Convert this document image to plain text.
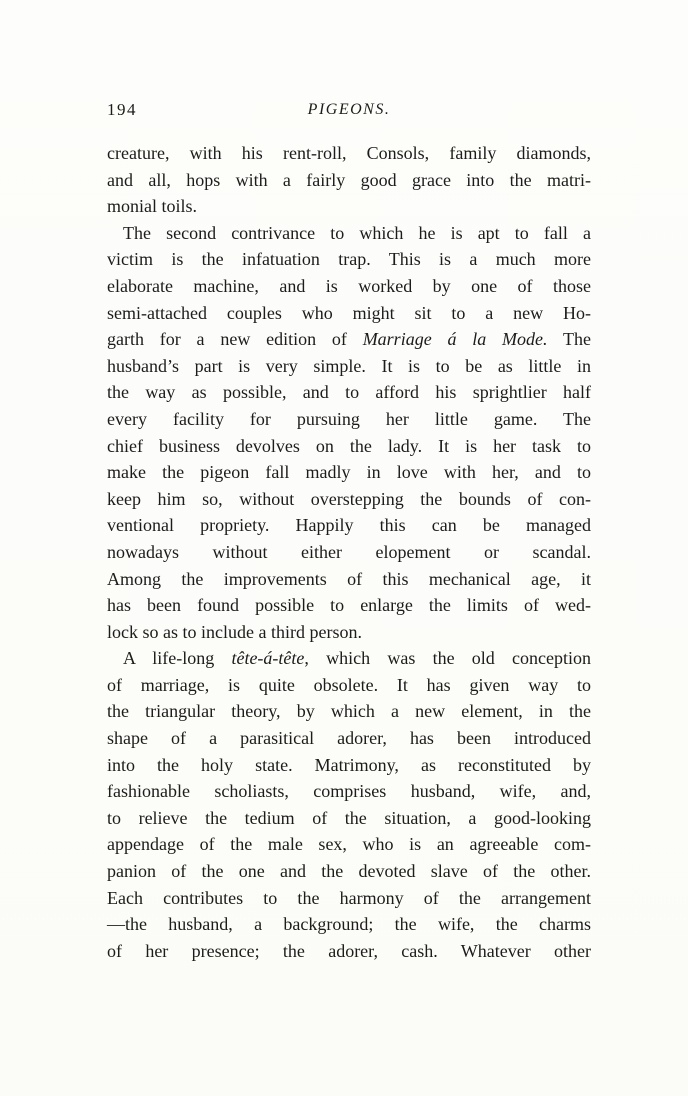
194	PIGEONS.
creature, with his rent-roll, Consols, family diamonds,
and all, hops with a fairly good grace into the matri-
monial toils.
The second contrivance to which he is apt to fall a
victim is the infatuation trap. This is a much more
elaborate machine, and is worked by one of those
semi-attached couples who might sit to a new Ho-
garth for a new edition of Marriage á la Mode. The
husband’s part is very simple. It is to be as little in
the way as possible, and to afford his sprightlier half
every facility for pursuing her little game. The
chief business devolves on the lady. It is her task to
make the pigeon fall madly in love with her, and to
keep him so, without overstepping the bounds of con-
ventional propriety. Happily this can be managed
nowadays without either elopement or scandal.
Among the improvements of this mechanical age, it
has been found possible to enlarge the limits of wed-
lock so as to include a third person.
A life-long tête-á-tête, which was the old conception
of marriage, is quite obsolete. It has given way to
the triangular theory, by which a new element, in the
shape of a parasitical adorer, has been introduced
into the holy state. Matrimony, as reconstituted by
fashionable scholiasts, comprises husband, wife, and,
to relieve the tedium of the situation, a good-looking
appendage of the male sex, who is an agreeable com-
panion of the one and the devoted slave of the other.
Each contributes to the harmony of the arrangement
—the husband, a background; the wife, the charms
of her presence; the adorer, cash. Whatever other
